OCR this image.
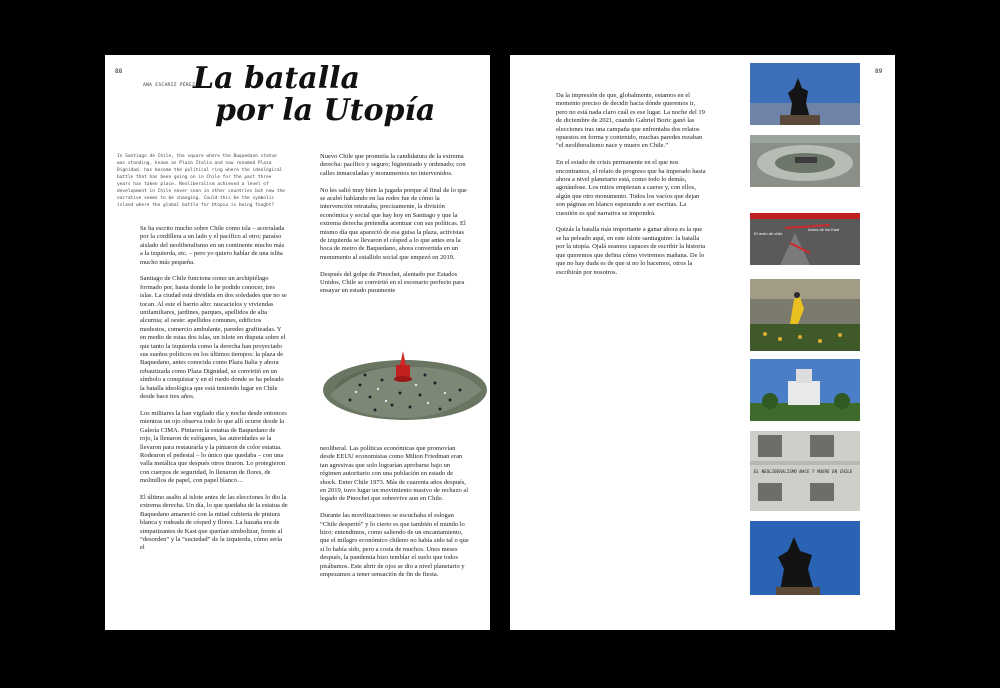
88
ANA ESCARIZ PÉREZ
La batalla
por la Utopía
In Santiago de Chile, the square where the Baquedano statue was standing, known as Plaza Italia and now renamed Plaza Dignidad, has become the political ring where the ideological battle that has been going on in Chile for the past three years has taken place. Neoliberalism achieved a level of development in Chile never seen in other countries but now the narrative seems to be changing. Could this be the symbolic island where the global battle for Utopia is being fought?

Se ha escrito mucho sobre Chile como isla – acorralada por la cordillera a un lado y el pacífico al otro; paraíso aislado del neoliberalismo en un continente mucho más a la izquierda, etc. – pero yo quiero hablar de una islita mucho más pequeña.

Santiago de Chile funciona como un archipiélago formado por, hasta donde lo he podido conocer, tres islas. La ciudad está dividida en dos soledades que no se tocan. Al este el barrio alto: rascacielos y viviendas unifamiliares, jardines, parques, apellidos de alta alcurnia; al oeste: apellidos comunes, edificios modestos, comercio ambulante, paredes grafiteadas. Y en medio de estas dos islas, un islote en disputa sobre el que tanto la izquierda como la derecha han proyectado sus sueños políticos en los últimos tiempos: la plaza de Baquedano, antes conocida como Plaza Italia y ahora rebautizada como Plaza Dignidad, se convirtió en un símbolo a conquistar y en el ruedo donde se ha peleado la batalla ideológica que está teniendo lugar en Chile desde hace tres años.

Los militares la han vigilado día y noche desde entonces mientras un ojo observa todo lo que allí ocurre desde la Galería CIMA. Pintaron la estatua de Baquedano de rojo, la llenaron de eslóganes, las autoridades se la llevaron para restaurarla y la pintaron de color estatua. Rodearon el pedestal – lo único que quedaba – con una valla metálica que después otros tiraron. Lo protegieron con cuerpos de seguridad, lo llenaron de flores, de molinillos de papel, con papel blanco…

El último asalto al islote antes de las elecciones lo dio la extrema derecha. Un día, lo que quedaba de la estatua de Baquedano amaneció con la mitad cubierta de pintura blanca y rodeada de césped y flores. La hazaña era de simpatizantes de Kast que querían simbolizar, frente al “desorden” y la “suciedad” de la izquierda, cómo sería el

Nuevo Chile que prometía la candidatura de la extrema derecha: pacífico y seguro; higienizado y ordenado; con calles inmaculadas y monumentos no intervenidos.

No les salió muy bien la jugada porque al final de lo que se acabó hablando en las redes fue de cómo la intervención retrataba, precisamente, la división económica y social que hay hoy en Santiago y que la extrema derecha pretendía acentuar con sus políticas. El mismo día que apareció de esa guisa la plaza, activistas de izquierda se llevaron el césped a lo que antes era la boca de metro de Baquedano, ahora convertida en un monumento al estallido social que empezó en 2019.

Después del golpe de Pinochet, alentado por Estados Unidos, Chile se convirtió en el escenario perfecto para ensayar un estado puramente

neoliberal. Las políticas económicas que promovían desde EEUU economistas como Milton Friedman eran tan agresivas que solo lograrían aprobarse bajo un régimen autoritario con una población en estado de shock. Enter Chile 1973. Más de cuarenta años después, en 2019, tuvo lugar un movimiento masivo de rechazo al legado de Pinochet que sobrevive aun en Chile.

Durante las movilizaciones se escuchaba el eslogan “Chile despertó” y lo cierto es que también el mundo lo hizo: entendimos, como saliendo de un encantamiento, que el milagro económico chileno no había sido tal o que si lo había sido, pero a costa de muchos. Unos meses después, la pandemia hizo temblar el suelo que todos pisábamos. Este abrir de ojos se dio a nivel planetario y empezamos a tener sensación de fin de fiesta.

89

Da la impresión de que, globalmente, estamos en el momento preciso de decidir hacia dónde queremos ir, pero no está nada claro cuál es ese lugar. La noche del 19 de diciembre de 2021, cuando Gabriel Boric ganó las elecciones tras una campaña que enfrentaba dos relatos opuestos en forma y contenido, muchas paredes rezaban “el neoliberalismo nace y muere en Chile.”

En el estado de crisis permanente en el que nos encontramos, el relato de progreso que ha imperado hasta ahora a nivel planetario está, como todo lo demás, agotándose. Los mitos empiezan a caerse y, con ellos, algún que otro monumento. Todos los vacíos que dejan son páginas en blanco esperando a ser escritas. La cuestión es qué narrativa se impondrá.

Quizás la batalla más importante a ganar ahora es la que se ha peleado aquí, en este islote santiaguino: la batalla por la utopía. Ojalá seamos capaces de escribir la historia que queremos que defina cómo viviremos mañana. De lo que no hay duda es de que si no lo hacemos, otros la escribirán por nosotros.

El resto de chile
Autos de los Kast
EL NEOLIBERALISMO NACE Y MUERE EN CHILE
